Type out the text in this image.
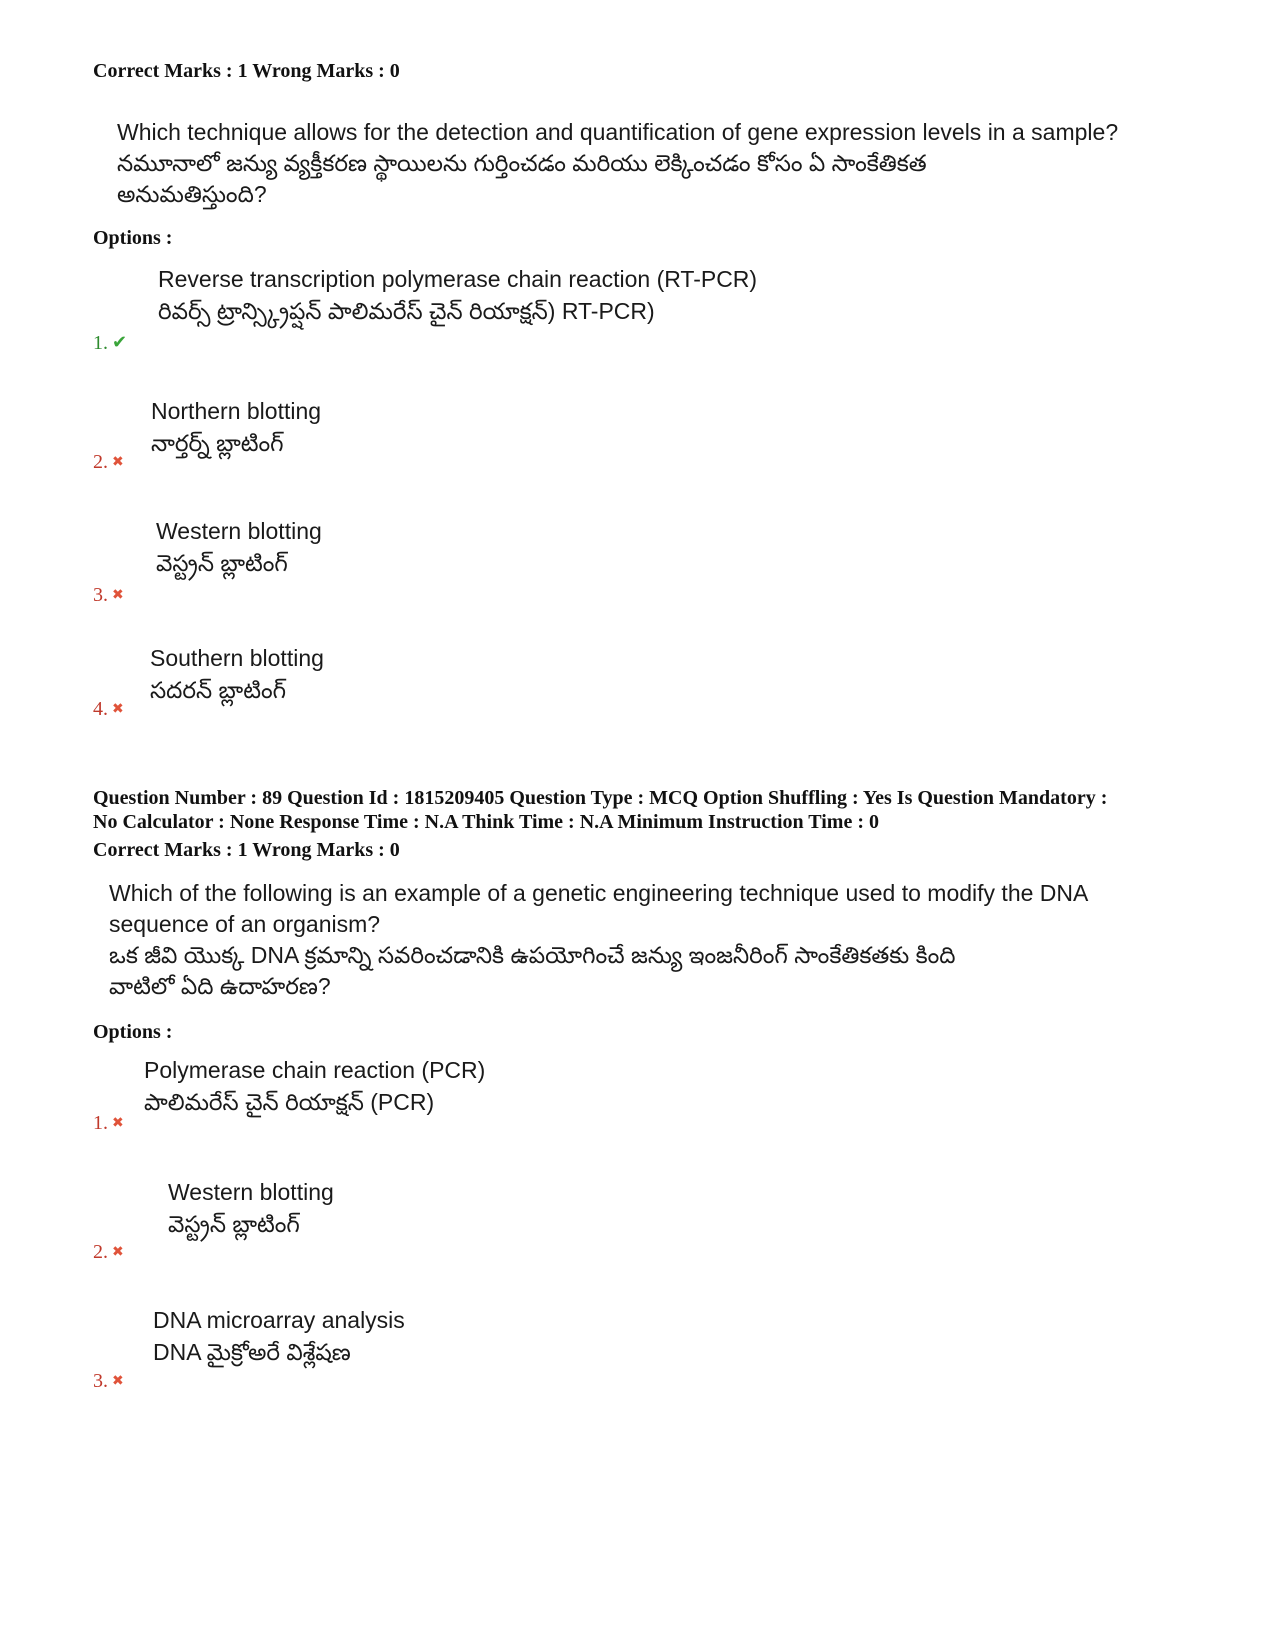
Correct Marks : 1 Wrong Marks : 0
Which technique allows for the detection and quantification of gene expression levels in a sample?
నమూనాలో జన్యు వ్యక్తీకరణ స్థాయిలను గుర్తించడం మరియు లెక్కించడం కోసం ఏ సాంకేతికత
అనుమతిస్తుంది?
Options :
Reverse transcription polymerase chain reaction (RT-PCR)
రివర్స్ ట్రాన్స్క్రిప్షన్ పాలిమరేస్ చైన్ రియాక్షన్) RT-PCR)
1. ✔
Northern blotting
నార్తర్న్ బ్లాటింగ్
2. ✖
Western blotting
వెస్ట్రన్ బ్లాటింగ్
3. ✖
Southern blotting
సదరన్ బ్లాటింగ్
4. ✖
Question Number : 89 Question Id : 1815209405 Question Type : MCQ Option Shuffling : Yes Is Question Mandatory :
No Calculator : None Response Time : N.A Think Time : N.A Minimum Instruction Time : 0
Correct Marks : 1 Wrong Marks : 0
Which of the following is an example of a genetic engineering technique used to modify the DNA
sequence of an organism?
ఒక జీవి యొక్క DNA క్రమాన్ని సవరించడానికి ఉపయోగించే జన్యు ఇంజనీరింగ్ సాంకేతికతకు కింది
వాటిలో ఏది ఉదాహరణ?
Options :
Polymerase chain reaction (PCR)
పాలిమరేస్ చైన్ రియాక్షన్ (PCR)
1. ✖
Western blotting
వెస్ట్రన్ బ్లాటింగ్
2. ✖
DNA microarray analysis
DNA మైక్రోఅరే విశ్లేషణ
3. ✖
